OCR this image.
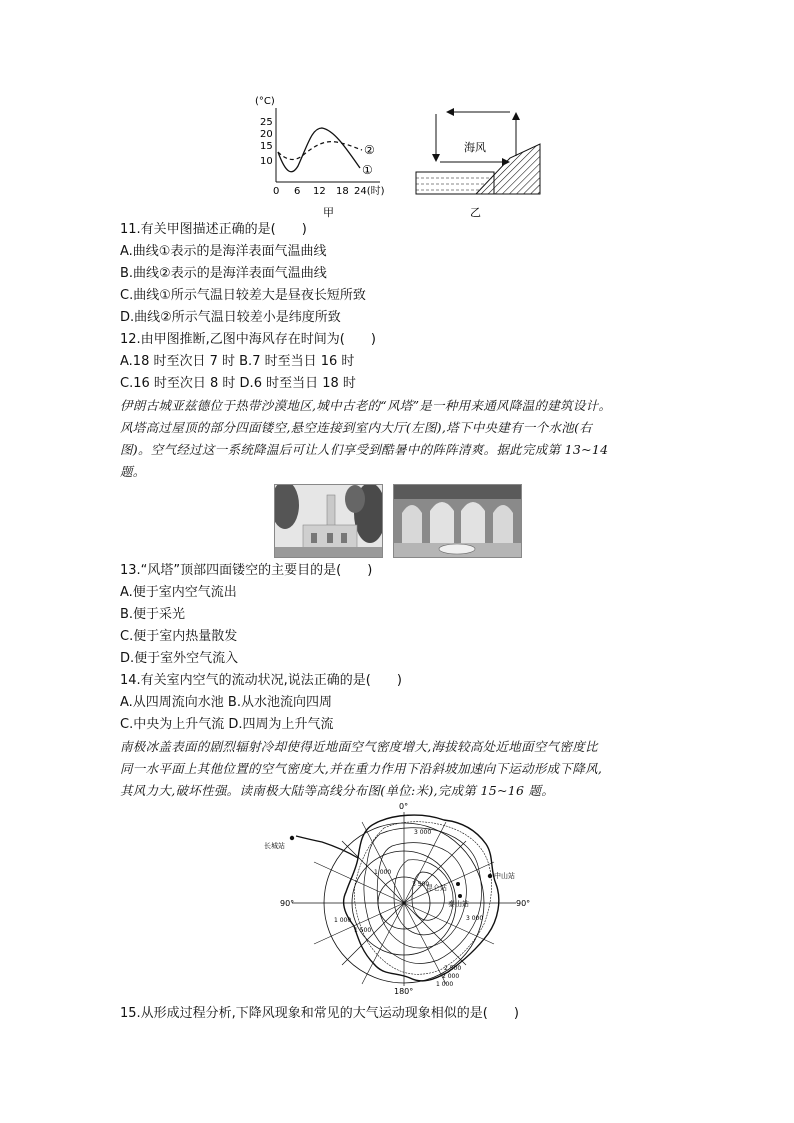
(°C)
25
20
15
10
0 6 12 18 24(时)
②
①
甲
海风
乙
11.有关甲图描述正确的是(　　)
A.曲线①表示的是海洋表面气温曲线
B.曲线②表示的是海洋表面气温曲线
C.曲线①所示气温日较差大是昼夜长短所致
D.曲线②所示气温日较差小是纬度所致
12.由甲图推断,乙图中海风存在时间为(　　)
A.18 时至次日 7 时 B.7 时至当日 16 时
C.16 时至次日 8 时 D.6 时至当日 18 时
伊朗古城亚兹德位于热带沙漠地区,城中古老的“风塔”是一种用来通风降温的建筑设计。
风塔高过屋顶的部分四面镂空,悬空连接到室内大厅(左图),塔下中央建有一个水池(右
图)。空气经过这一系统降温后可让人们享受到酷暑中的阵阵清爽。据此完成第 13~14
题。
13.“风塔”顶部四面镂空的主要目的是(　　)
A.便于室内空气流出
B.便于采光
C.便于室内热量散发
D.便于室外空气流入
14.有关室内空气的流动状况,说法正确的是(　　)
A.从四周流向水池 B.从水池流向四周
C.中央为上升气流 D.四周为上升气流
南极冰盖表面的剧烈辐射冷却使得近地面空气密度增大,海拔较高处近地面空气密度比
同一水平面上其他位置的空气密度大,并在重力作用下沿斜坡加速向下运动形成下降风,
其风力大,破坏性强。读南极大陆等高线分布图(单位:米),完成第 15~16 题。
0°
90°	90°
180°
3 000
1 000
3 500
1 000
1 500
3 000
2 500
2 000
1 000
长城站
中山站
昆仑站
泰山站
15.从形成过程分析,下降风现象和常见的大气运动现象相似的是(　　)
